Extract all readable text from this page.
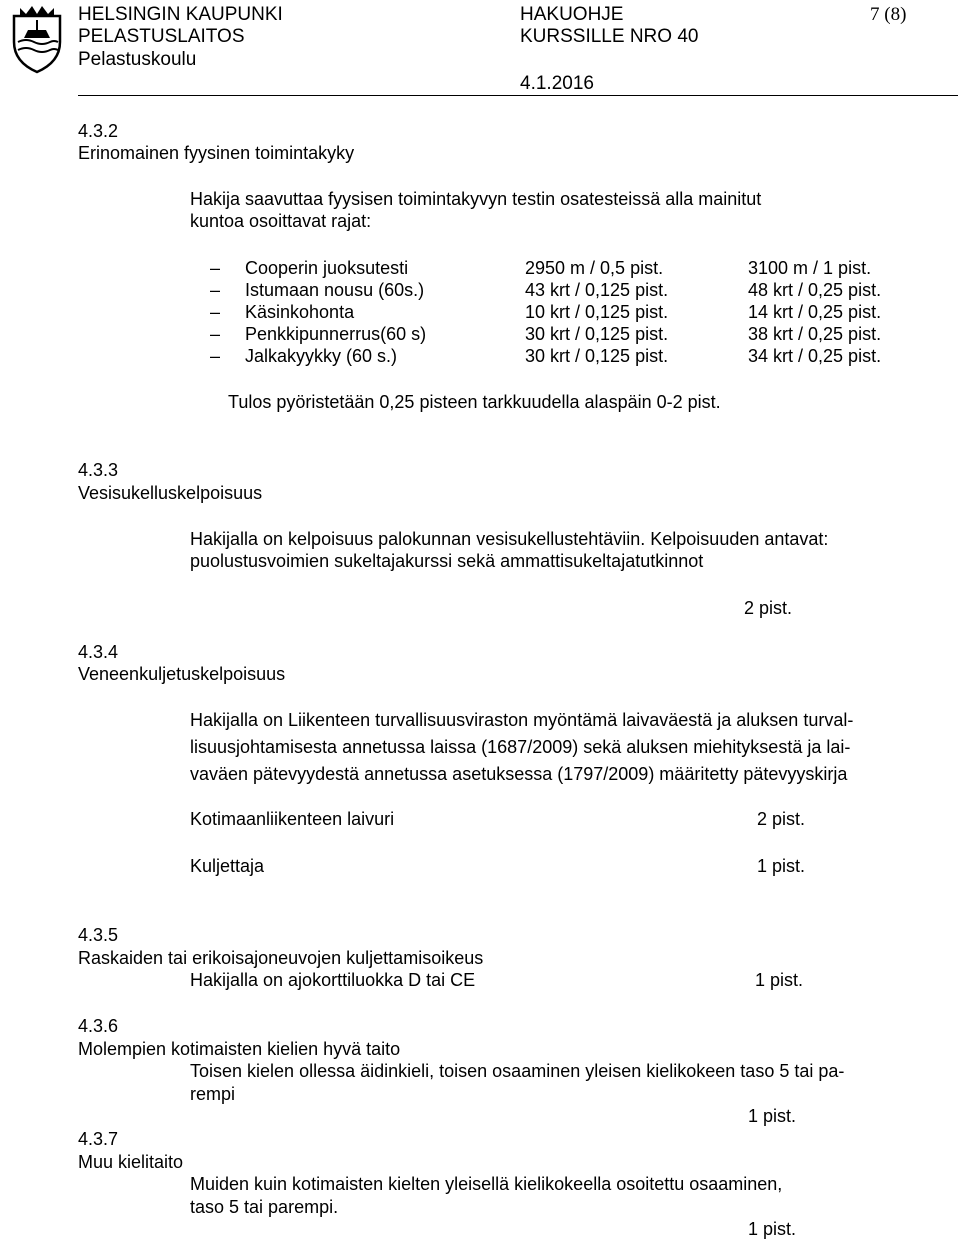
HELSINGIN KAUPUNKI
PELASTUSLAITOS
Pelastuskoulu
HAKUOHJE
KURSSILLE NRO 40
4.1.2016
7 (8)
4.3.2
Erinomainen fyysinen toimintakyky
Hakija saavuttaa fyysisen toimintakyvyn testin osatesteissä alla mainitut
kuntoa osoittavat rajat:
– Cooperin juoksutesti	2950 m / 0,5 pist.	3100 m / 1 pist.
– Istumaan nousu (60s.)	43 krt / 0,125 pist.	48 krt / 0,25 pist.
– Käsinkohonta	10 krt / 0,125 pist.	14 krt / 0,25 pist.
– Penkkipunnerrus(60 s)	30 krt / 0,125 pist.	38 krt / 0,25 pist.
– Jalkakyykky (60 s.)	30 krt / 0,125 pist.	34 krt / 0,25 pist.
Tulos pyöristetään 0,25 pisteen tarkkuudella alaspäin 0-2 pist.
4.3.3
Vesisukelluskelpoisuus
Hakijalla on kelpoisuus palokunnan vesisukellustehtäviin. Kelpoisuuden antavat:
puolustusvoimien sukeltajakurssi sekä ammattisukeltajatutkinnot
2 pist.
4.3.4
Veneenkuljetuskelpoisuus
Hakijalla on Liikenteen turvallisuusviraston myöntämä laivaväestä ja aluksen turval-
lisuusjohtamisesta annetussa laissa (1687/2009) sekä aluksen miehityksestä ja lai-
vaväen pätevyydestä annetussa asetuksessa (1797/2009) määritetty pätevyyskirja
Kotimaanliikenteen laivuri	2 pist.
Kuljettaja	1 pist.
4.3.5
Raskaiden tai erikoisajoneuvojen kuljettamisoikeus
Hakijalla on ajokorttiluokka D tai CE	1 pist.
4.3.6
Molempien kotimaisten kielien hyvä taito
Toisen kielen ollessa äidinkieli, toisen osaaminen yleisen kielikokeen taso 5 tai pa-
rempi
1 pist.
4.3.7
Muu kielitaito
Muiden kuin kotimaisten kielten yleisellä kielikokeella osoitettu osaaminen,
taso 5 tai parempi.
1 pist.
